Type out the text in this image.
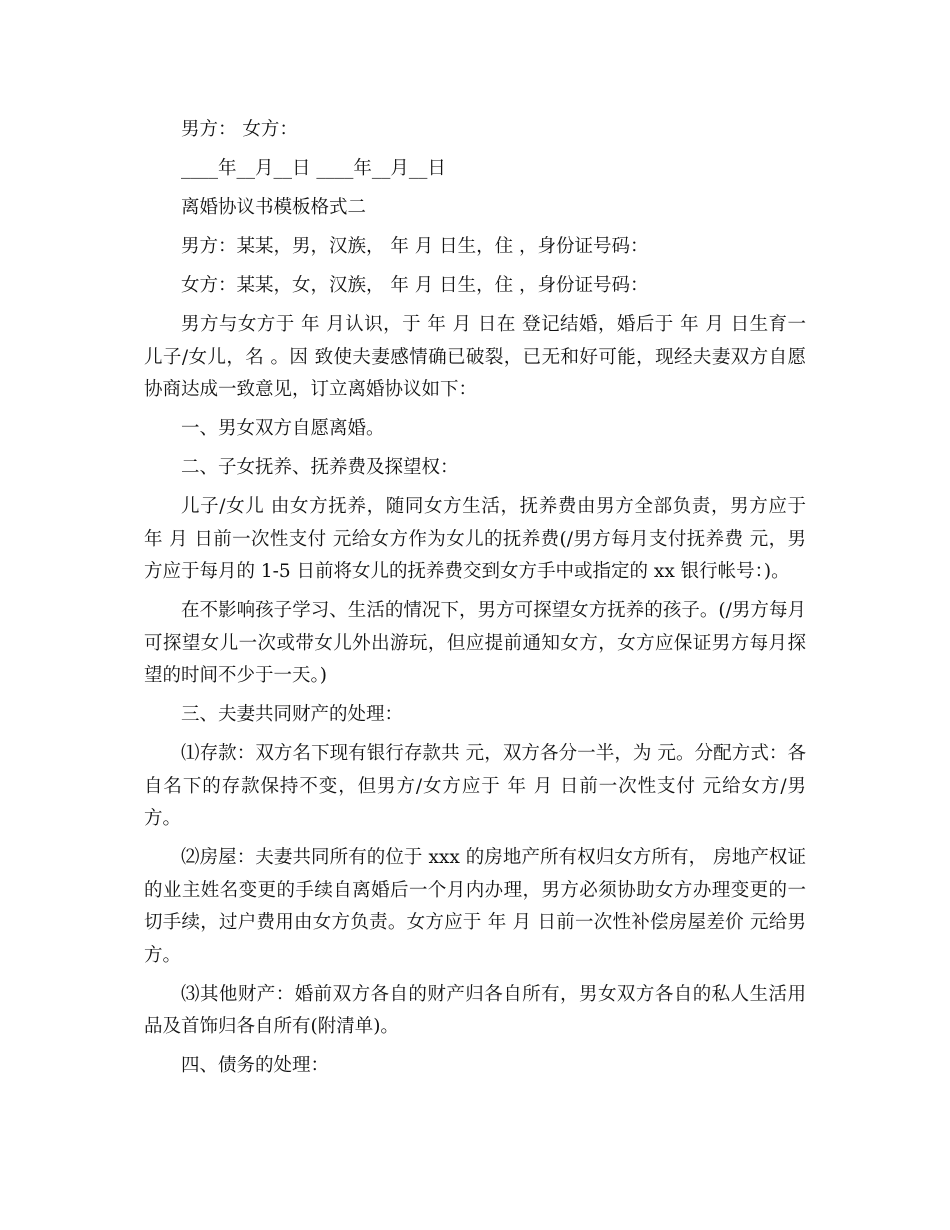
男方： 女方：

____年__月__日 ____年__月__日

离婚协议书模板格式二

男方：某某，男，汉族， 年 月 日生，住 ，身份证号码：

女方：某某，女，汉族， 年 月 日生，住 ，身份证号码：

男方与女方于 年 月认识，于 年 月 日在 登记结婚，婚后于 年 月 日生育一儿子/女儿，名 。因 致使夫妻感情确已破裂，已无和好可能，现经夫妻双方自愿协商达成一致意见，订立离婚协议如下：

一、男女双方自愿离婚。

二、子女抚养、抚养费及探望权：

儿子/女儿 由女方抚养，随同女方生活，抚养费由男方全部负责，男方应于 年 月 日前一次性支付 元给女方作为女儿的抚养费(/男方每月支付抚养费 元，男方应于每月的 1-5 日前将女儿的抚养费交到女方手中或指定的 xx 银行帐号：)。

在不影响孩子学习、生活的情况下，男方可探望女方抚养的孩子。(/男方每月可探望女儿一次或带女儿外出游玩，但应提前通知女方，女方应保证男方每月探望的时间不少于一天。)

三、夫妻共同财产的处理：

⑴存款：双方名下现有银行存款共 元，双方各分一半，为 元。分配方式：各自名下的存款保持不变，但男方/女方应于 年 月 日前一次性支付 元给女方/男方。

⑵房屋：夫妻共同所有的位于 xxx 的房地产所有权归女方所有， 房地产权证的业主姓名变更的手续自离婚后一个月内办理，男方必须协助女方办理变更的一切手续，过户费用由女方负责。女方应于 年 月 日前一次性补偿房屋差价 元给男方。

⑶其他财产：婚前双方各自的财产归各自所有，男女双方各自的私人生活用品及首饰归各自所有(附清单)。

四、债务的处理：
